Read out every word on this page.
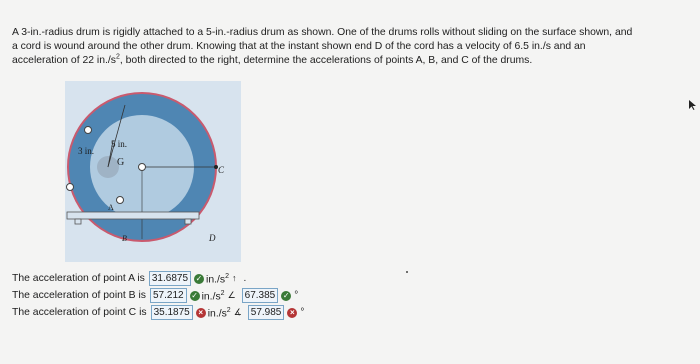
A 3-in.-radius drum is rigidly attached to a 5-in.-radius drum as shown. One of the drums rolls without sliding on the surface shown, and
a cord is wound around the other drum. Knowing that at the instant shown end D of the cord has a velocity of 6.5 in./s and an
acceleration of 22 $in./s^2$, both directed to the right, determine the accelerations of points A, B, and C of the drums.

5 in.
3 in.
G
A
B
C
D
The acceleration of point A is 31.6875 ✓ $in./s^2$ ↑ .
The acceleration of point B is 57.212 ✓ $in./s^2$ ∠ 67.385 ✓ °
The acceleration of point C is 35.1875	× $in./s^2$ ∡ 57.985	× °
